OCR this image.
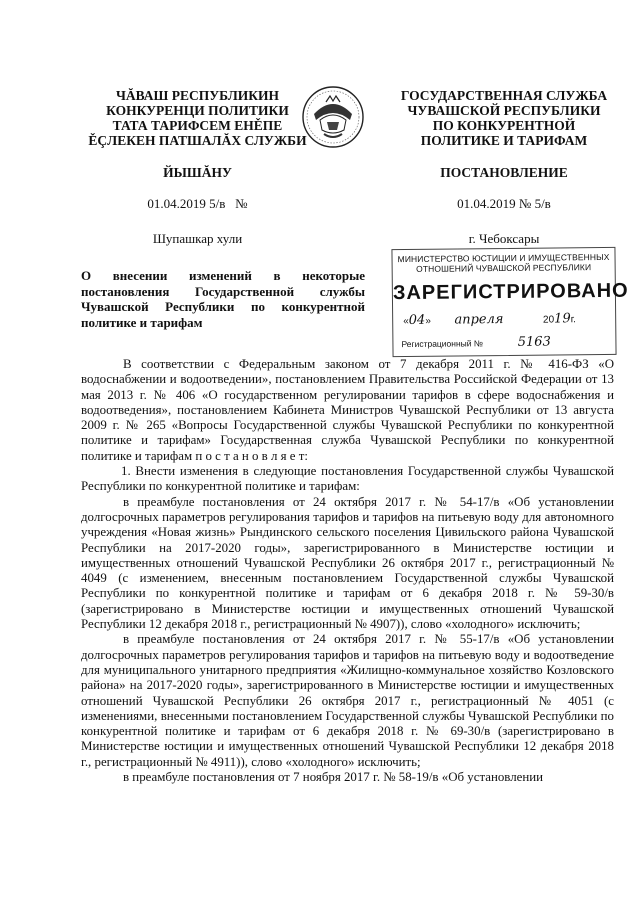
ЧĂВАШ РЕСПУБЛИКИН
КОНКУРЕНЦИ ПОЛИТИКИ
ТАТА ТАРИФСЕМ ЕНĚПЕ
ĚÇЛЕКЕН ПАТШАЛĂХ СЛУЖБИ
ГОСУДАРСТВЕННАЯ СЛУЖБА
ЧУВАШСКОЙ РЕСПУБЛИКИ
ПО КОНКУРЕНТНОЙ
ПОЛИТИКЕ И ТАРИФАМ
ЙЫШĂНУ	ПОСТАНОВЛЕНИЕ
01.04.2019 5/в   №	01.04.2019 № 5/в
Шупашкар хули	г. Чебоксары
МИНИСТЕРСТВО ЮСТИЦИИ И ИМУЩЕСТВЕННЫХ
ОТНОШЕНИЙ ЧУВАШСКОЙ РЕСПУБЛИКИ
ЗАРЕГИСТРИРОВАНО
«04»  апреля	2019г.
Регистрационный №	5163
О внесении изменений в некоторые постановления Государственной службы Чувашской Республики по конкурентной политике и тарифам

В соответствии с Федеральным законом от 7 декабря 2011 г. № 416-ФЗ «О водоснабжении и водоотведении», постановлением Правительства Российской Федерации от 13 мая 2013 г. № 406 «О государственном регулировании тарифов в сфере водоснабжения и водоотведения», постановлением Кабинета Министров Чувашской Республики от 13 августа 2009 г. № 265 «Вопросы Государственной службы Чувашской Республики по конкурентной политике и тарифам» Государственная служба Чувашской Республики по конкурентной политике и тарифам п о с т а н о в л я е т:

1. Внести изменения в следующие постановления Государственной службы Чувашской Республики по конкурентной политике и тарифам:

в преамбуле постановления от 24 октября 2017 г. № 54-17/в «Об установлении долгосрочных параметров регулирования тарифов и тарифов на питьевую воду для автономного учреждения «Новая жизнь» Рындинского сельского поселения Цивильского района Чувашской Республики на 2017-2020 годы», зарегистрированного в Министерстве юстиции и имущественных отношений Чувашской Республики 26 октября 2017 г., регистрационный № 4049 (с изменением, внесенным постановлением Государственной службы Чувашской Республики по конкурентной политике и тарифам от 6 декабря 2018 г. № 59-30/в (зарегистрировано в Министерстве юстиции и имущественных отношений Чувашской Республики 12 декабря 2018 г., регистрационный № 4907)), слово «холодного» исключить;

в преамбуле постановления от 24 октября 2017 г. № 55-17/в «Об установлении долгосрочных параметров регулирования тарифов и тарифов на питьевую воду и водоотведение для муниципального унитарного предприятия «Жилищно-коммунальное хозяйство Козловского района» на 2017-2020 годы», зарегистрированного в Министерстве юстиции и имущественных отношений Чувашской Республики 26 октября 2017 г., регистрационный № 4051 (с изменениями, внесенными постановлением Государственной службы Чувашской Республики по конкурентной политике и тарифам от 6 декабря 2018 г. № 69-30/в (зарегистрировано в Министерстве юстиции и имущественных отношений Чувашской Республики 12 декабря 2018 г., регистрационный № 4911)), слово «холодного» исключить;

в преамбуле постановления от 7 ноября 2017 г. № 58-19/в «Об установлении
